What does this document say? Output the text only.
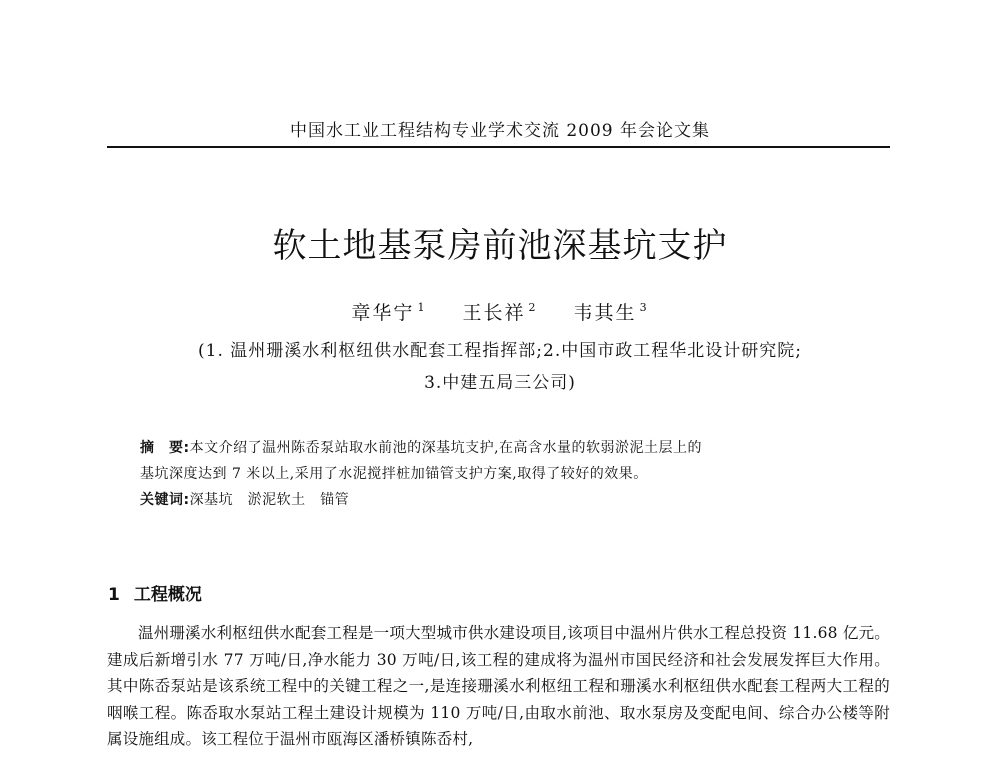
中国水工业工程结构专业学术交流 2009 年会论文集
软土地基泵房前池深基坑支护
章华宁 $^1$ 王长祥 $^2$ 韦其生 $^3$
(1. 温州珊溪水利枢纽供水配套工程指挥部;2.中国市政工程华北设计研究院;
3.中建五局三公司)
摘　要:本文介绍了温州陈岙泵站取水前池的深基坑支护,在高含水量的软弱淤泥土层上的
基坑深度达到 7 米以上,采用了水泥搅拌桩加锚管支护方案,取得了较好的效果。
关键词:深基坑　淤泥软土　锚管
1 工程概况
温州珊溪水利枢纽供水配套工程是一项大型城市供水建设项目,该项目中温州片供水工程总投资 11.68 亿元。建成后新增引水 77 万吨/日,净水能力 30 万吨/日,该工程的建成将为温州市国民经济和社会发展发挥巨大作用。其中陈岙泵站是该系统工程中的关键工程之一,是连接珊溪水利枢纽工程和珊溪水利枢纽供水配套工程两大工程的咽喉工程。陈岙取水泵站工程土建设计规模为 110 万吨/日,由取水前池、取水泵房及变配电间、综合办公楼等附属设施组成。该工程位于温州市瓯海区潘桥镇陈岙村,
